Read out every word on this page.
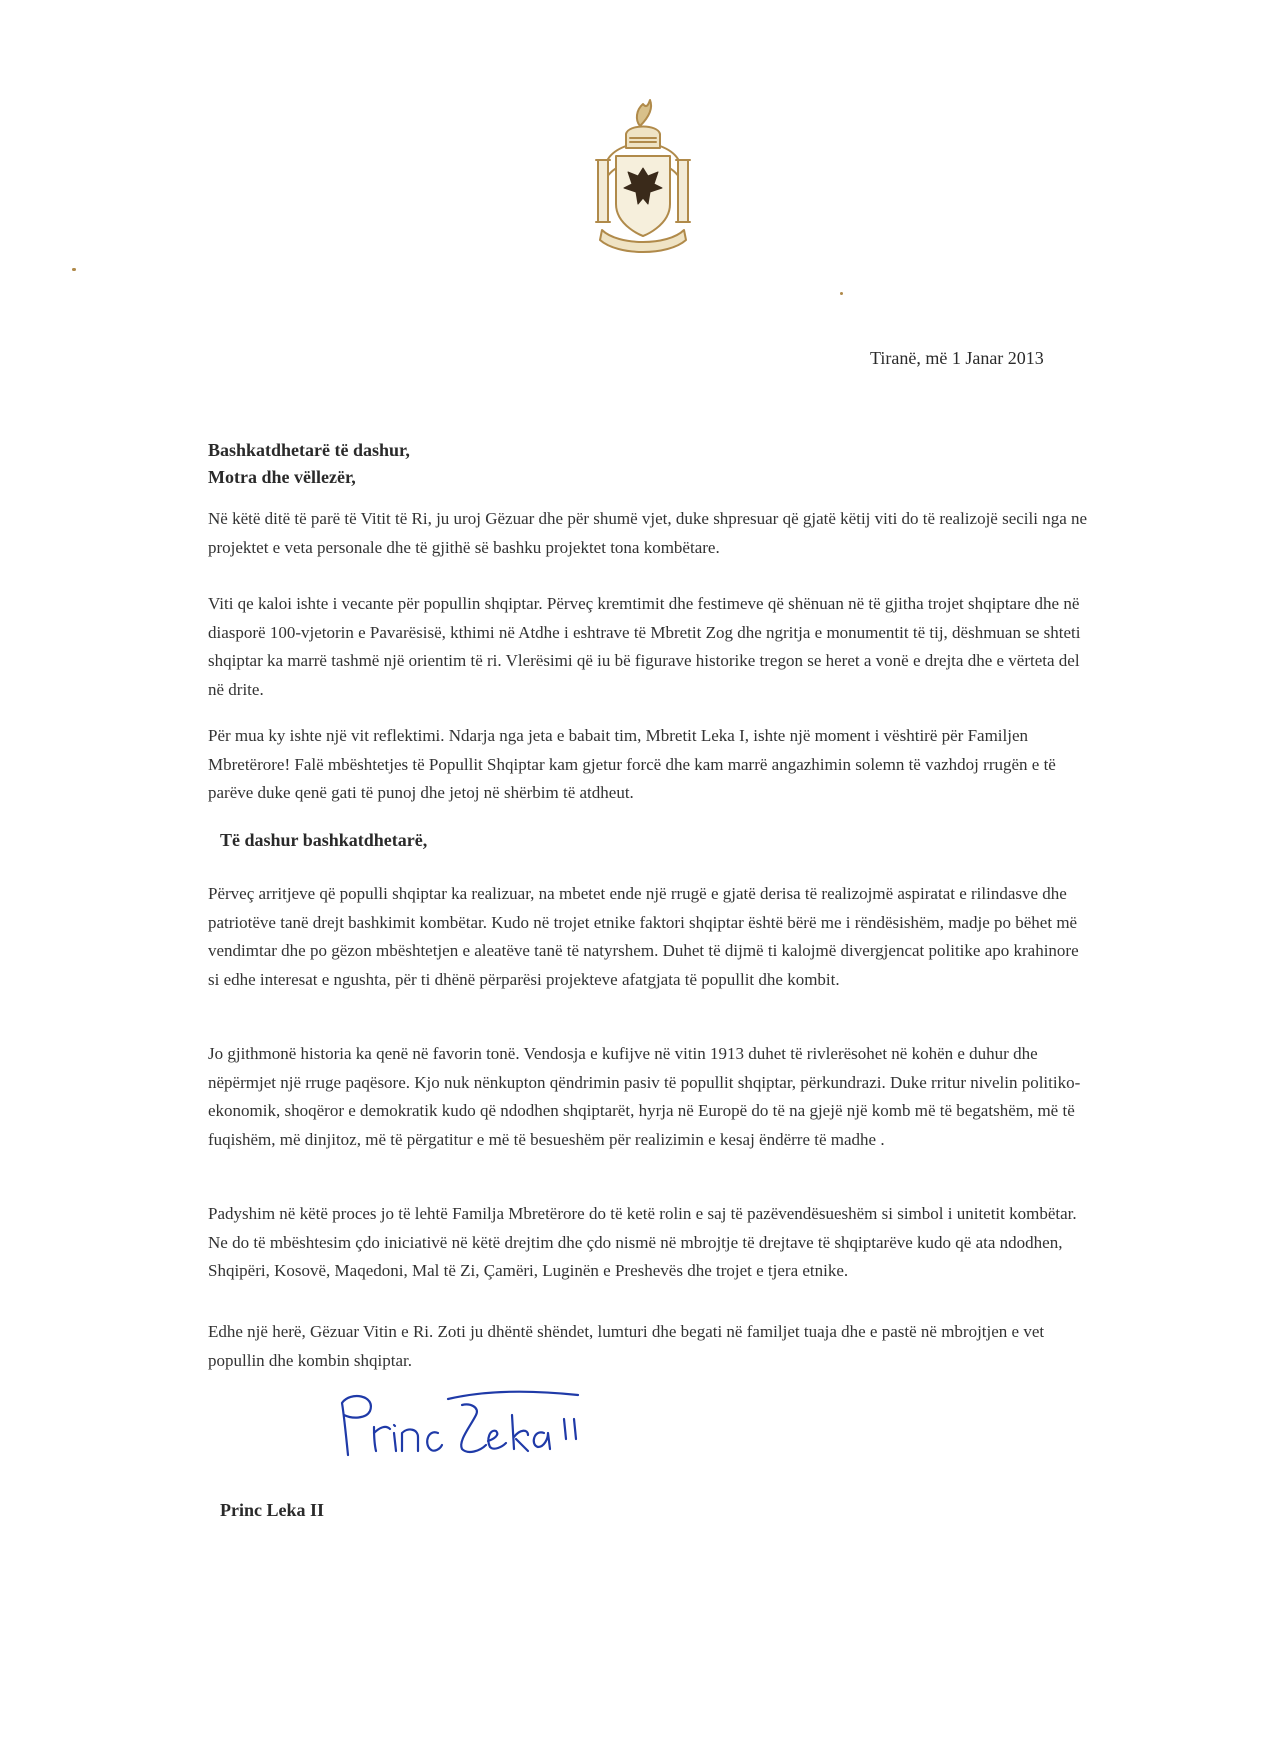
Tiranë, më 1 Janar 2013
Bashkatdhetarë të dashur,
Motra dhe vëllezër,
Në këtë ditë të parë të Vitit të Ri, ju uroj Gëzuar dhe për shumë vjet, duke shpresuar që gjatë këtij viti do të realizojë secili nga ne projektet e veta personale dhe të gjithë së bashku projektet tona kombëtare.
Viti qe kaloi ishte i vecante për popullin shqiptar. Përveç kremtimit dhe festimeve që shënuan në të gjitha trojet shqiptare dhe në diasporë 100-vjetorin e Pavarësisë, kthimi në Atdhe i eshtrave të Mbretit Zog dhe ngritja e monumentit të tij, dëshmuan se shteti shqiptar ka marrë tashmë një orientim të ri. Vlerësimi që iu bë figurave historike tregon se heret a vonë e drejta dhe e vërteta del në drite.
Për mua ky ishte një vit reflektimi. Ndarja nga jeta e babait tim, Mbretit Leka I, ishte një moment i vështirë për Familjen Mbretërore! Falë mbështetjes të Popullit Shqiptar kam gjetur forcë dhe kam marrë angazhimin solemn të vazhdoj rrugën e të parëve duke qenë gati të punoj dhe jetoj në shërbim të atdheut.
Të dashur bashkatdhetarë,
Përveç arritjeve që populli shqiptar ka realizuar, na mbetet ende një rrugë e gjatë derisa të realizojmë aspiratat e rilindasve dhe patriotëve tanë drejt bashkimit kombëtar. Kudo në trojet etnike faktori shqiptar është bërë me i rëndësishëm, madje po bëhet më vendimtar dhe po gëzon mbështetjen e aleatëve tanë të natyrshem. Duhet të dijmë ti kalojmë divergjencat politike apo krahinore si edhe interesat e ngushta, për ti dhënë përparësi projekteve afatgjata të popullit dhe kombit.
Jo gjithmonë historia ka qenë në favorin tonë. Vendosja e kufijve në vitin 1913 duhet të rivlerësohet në kohën e duhur dhe nëpërmjet një rruge paqësore. Kjo nuk nënkupton qëndrimin pasiv të popullit shqiptar, përkundrazi. Duke rritur nivelin politiko-ekonomik, shoqëror e demokratik kudo që ndodhen shqiptarët, hyrja në Europë do të na gjejë një komb më të begatshëm, më të fuqishëm, më dinjitoz, më të përgatitur e më të besueshëm për realizimin e kesaj ëndërre të madhe .
Padyshim në këtë proces jo të lehtë Familja Mbretërore do të ketë rolin e saj të pazëvendësueshëm si simbol i unitetit kombëtar. Ne do të mbështesim çdo iniciativë në këtë drejtim dhe çdo nismë në mbrojtje të drejtave të shqiptarëve kudo që ata ndodhen, Shqipëri, Kosovë, Maqedoni, Mal të Zi, Çamëri, Luginën e Preshevës dhe trojet e tjera etnike.
Edhe një herë, Gëzuar Vitin e Ri. Zoti ju dhëntë shëndet, lumturi dhe begati në familjet tuaja dhe e pastë në mbrojtjen e vet popullin dhe kombin shqiptar.
Princ Leka II
